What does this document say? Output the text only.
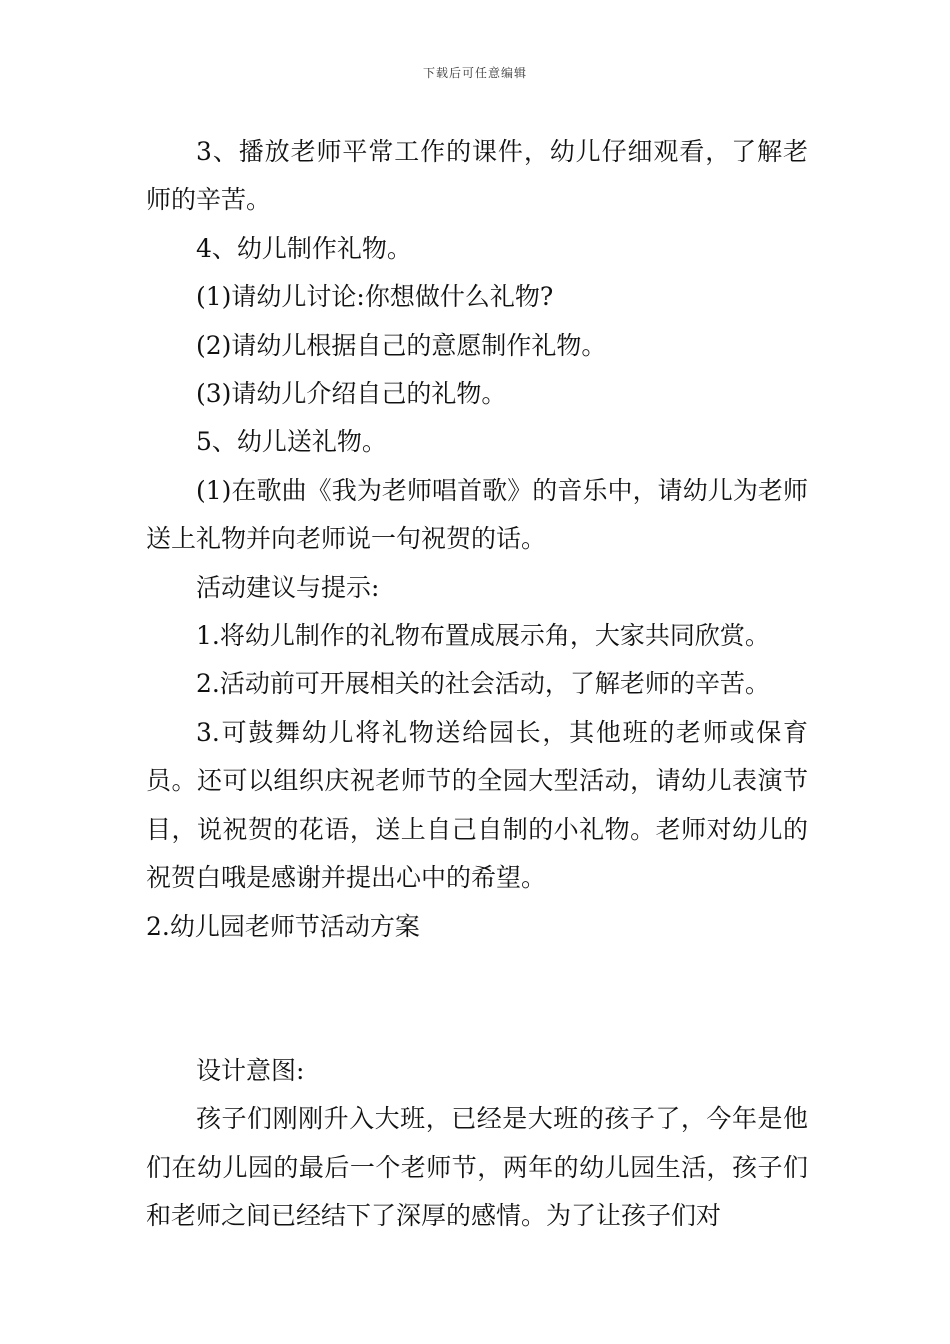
下载后可任意编辑

3、播放老师平常工作的课件，幼儿仔细观看，了解老师的辛苦。

4、幼儿制作礼物。

(1)请幼儿讨论:你想做什么礼物?

(2)请幼儿根据自己的意愿制作礼物。

(3)请幼儿介绍自己的礼物。

5、幼儿送礼物。

(1)在歌曲《我为老师唱首歌》的音乐中，请幼儿为老师送上礼物并向老师说一句祝贺的话。

活动建议与提示:

1.将幼儿制作的礼物布置成展示角，大家共同欣赏。

2.活动前可开展相关的社会活动，了解老师的辛苦。

3.可鼓舞幼儿将礼物送给园长，其他班的老师或保育员。还可以组织庆祝老师节的全园大型活动，请幼儿表演节目，说祝贺的花语，送上自己自制的小礼物。老师对幼儿的祝贺白哦是感谢并提出心中的希望。

2.幼儿园老师节活动方案

设计意图:

孩子们刚刚升入大班，已经是大班的孩子了，今年是他们在幼儿园的最后一个老师节，两年的幼儿园生活，孩子们和老师之间已经结下了深厚的感情。为了让孩子们对
